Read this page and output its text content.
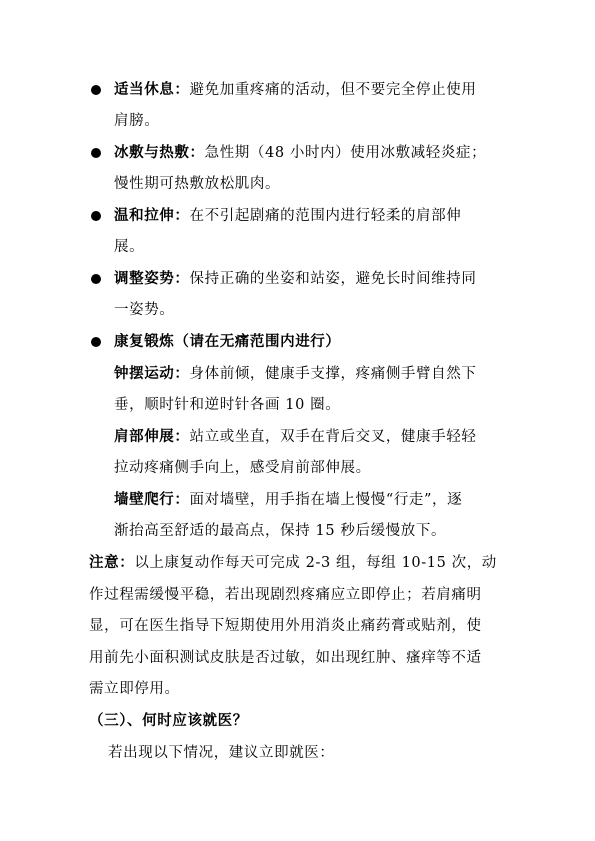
适当休息：避免加重疼痛的活动，但不要完全停止使用
肩膀。
冰敷与热敷：急性期（48 小时内）使用冰敷减轻炎症；
慢性期可热敷放松肌肉。
温和拉伸：在不引起剧痛的范围内进行轻柔的肩部伸
展。
调整姿势：保持正确的坐姿和站姿，避免长时间维持同
一姿势。
康复锻炼（请在无痛范围内进行）
钟摆运动：身体前倾，健康手支撑，疼痛侧手臂自然下
垂，顺时针和逆时针各画 10 圈。
肩部伸展：站立或坐直，双手在背后交叉，健康手轻轻
拉动疼痛侧手向上，感受肩前部伸展。
墙壁爬行：面对墙壁，用手指在墙上慢慢“行走”，逐
渐抬高至舒适的最高点，保持 15 秒后缓慢放下。
注意：以上康复动作每天可完成 2-3 组，每组 10-15 次，动
作过程需缓慢平稳，若出现剧烈疼痛应立即停止；若肩痛明
显，可在医生指导下短期使用外用消炎止痛药膏或贴剂，使
用前先小面积测试皮肤是否过敏，如出现红肿、瘙痒等不适
需立即停用。
（三）、何时应该就医？
若出现以下情况，建议立即就医：
